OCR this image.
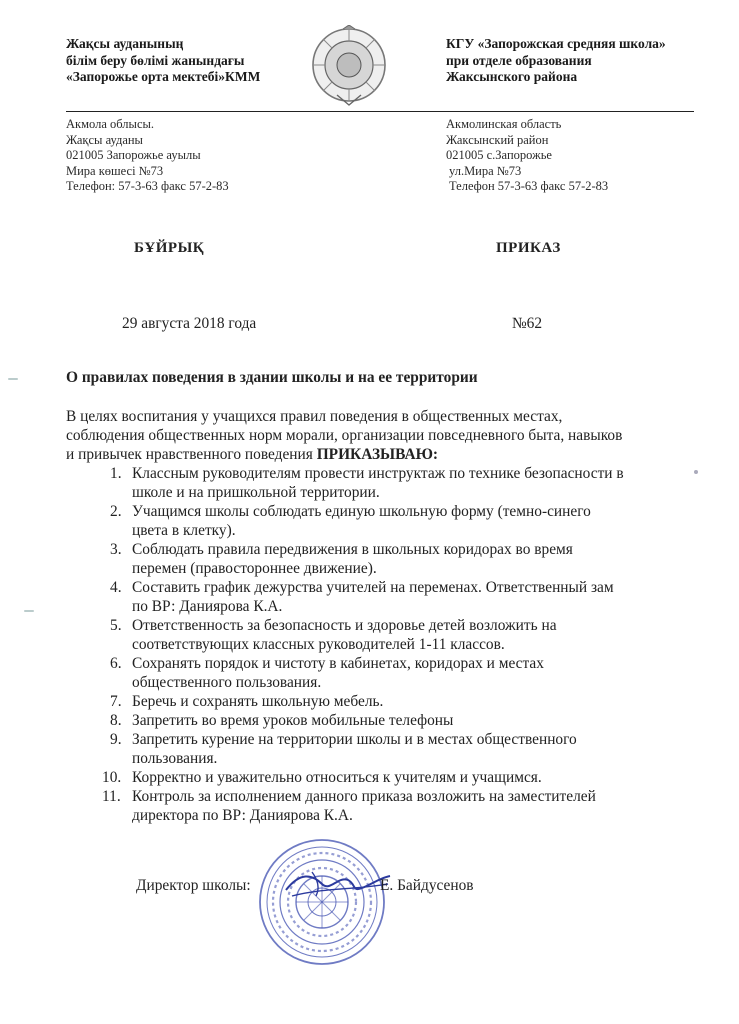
Жақсы ауданының
білім беру бөлімі жанындағы
«Запорожье орта мектебі»КММ
КГУ «Запорожская средняя школа»
при отделе образования
Жаксынского района
Акмола облысы.
Жақсы ауданы
021005 Запорожье ауылы
Мира көшесі №73
Телефон: 57-3-63 факс 57-2-83
Акмолинская область
Жаксынский район
021005 с.Запорожье
ул.Мира №73
Телефон 57-3-63 факс 57-2-83
БҰЙРЫҚ	ПРИКАЗ
29 августа 2018 года	№62
О правилах поведения в здании школы и на ее территории
В целях воспитания у учащихся правил поведения в общественных местах,
соблюдения общественных норм морали, организации повседневного быта, навыков
и привычек нравственного поведения ПРИКАЗЫВАЮ:
1. Классным руководителям провести инструктаж по технике безопасности в
школе и на пришкольной территории.
2. Учащимся школы соблюдать единую школьную форму (темно-синего
цвета в клетку).
3. Соблюдать правила передвижения в школьных коридорах во время
перемен (правостороннее движение).
4. Составить график дежурства учителей на переменах. Ответственный зам
по ВР: Даниярова К.А.
5. Ответственность за безопасность и здоровье детей возложить на
соответствующих классных руководителей 1-11 классов.
6. Сохранять порядок и чистоту в кабинетах, коридорах и местах
общественного пользования.
7. Беречь и сохранять школьную мебель.
8. Запретить во время уроков мобильные телефоны
9. Запретить курение на территории школы и в местах общественного
пользования.
10. Корректно и уважительно относиться к учителям и учащимся.
11. Контроль за исполнением данного приказа возложить на заместителей
директора по ВР: Даниярова К.А.
Директор школы:	Е. Байдусенов
